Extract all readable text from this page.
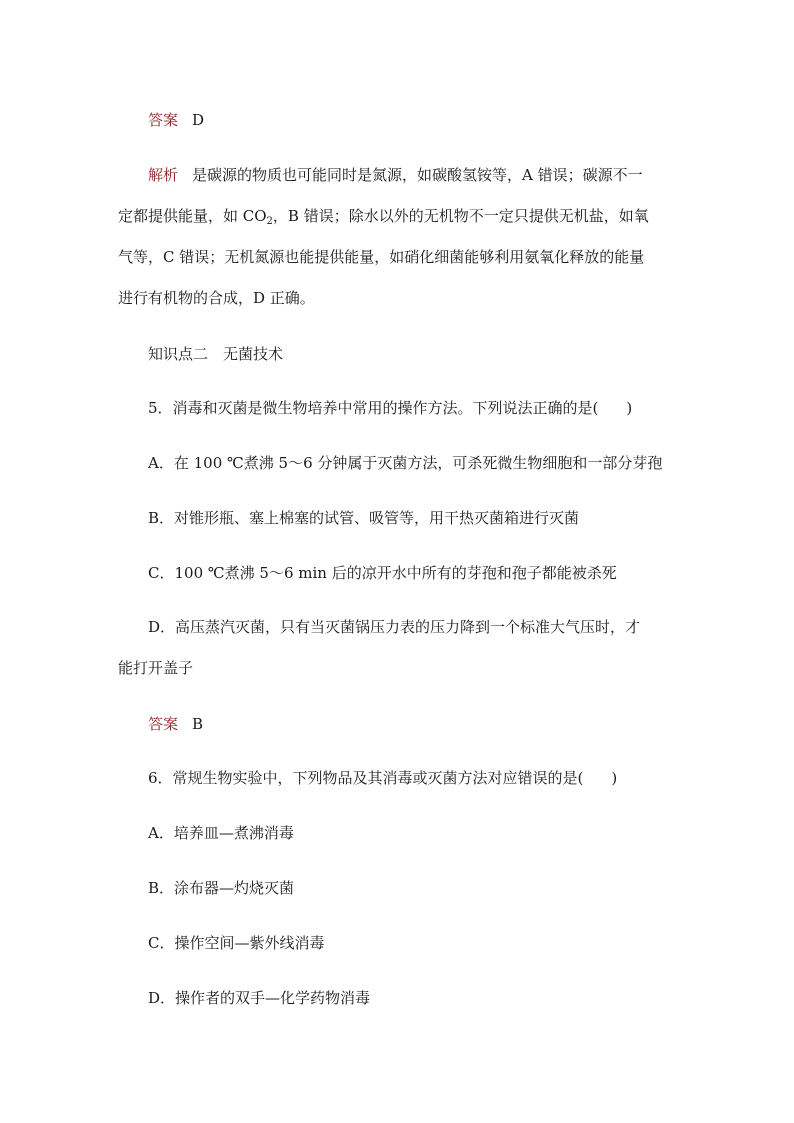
答案 D
解析 是碳源的物质也可能同时是氮源，如碳酸氢铵等，A 错误；碳源不一
定都提供能量，如 $CO_2$，B 错误；除水以外的无机物不一定只提供无机盐，如氧
气等，C 错误；无机氮源也能提供能量，如硝化细菌能够利用氨氧化释放的能量
进行有机物的合成，D 正确。
知识点二　无菌技术
5．消毒和灭菌是微生物培养中常用的操作方法。下列说法正确的是( )
A．在 100 ℃煮沸 5～6 分钟属于灭菌方法，可杀死微生物细胞和一部分芽孢
B．对锥形瓶、塞上棉塞的试管、吸管等，用干热灭菌箱进行灭菌
C．100 ℃煮沸 5～6 min 后的凉开水中所有的芽孢和孢子都能被杀死
D．高压蒸汽灭菌，只有当灭菌锅压力表的压力降到一个标准大气压时，才
能打开盖子
答案 B
6．常规生物实验中，下列物品及其消毒或灭菌方法对应错误的是( )
A．培养皿—煮沸消毒
B．涂布器—灼烧灭菌
C．操作空间—紫外线消毒
D．操作者的双手—化学药物消毒
